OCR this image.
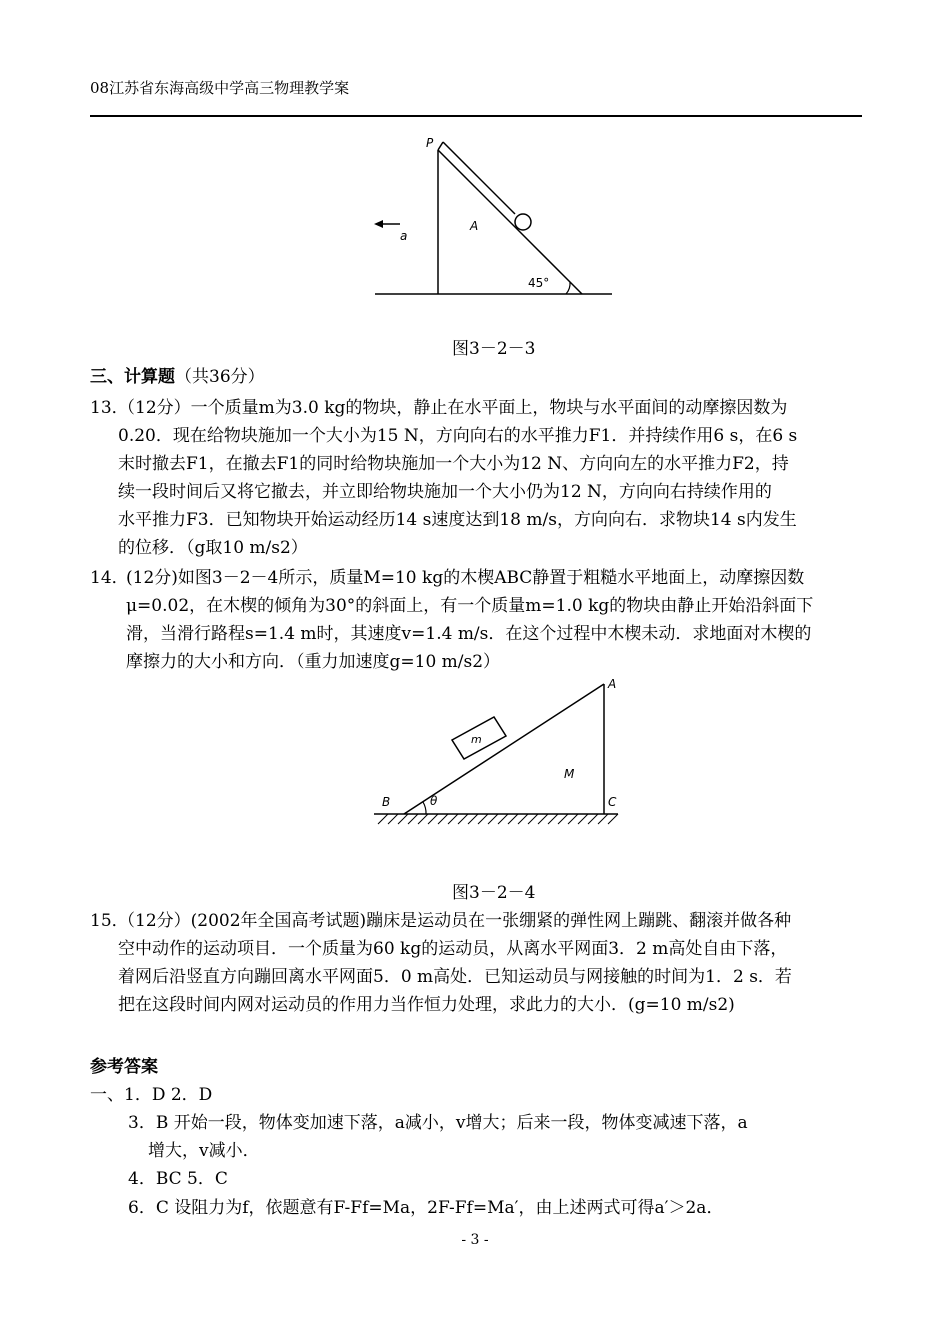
08江苏省东海高级中学高三物理教学案
P
a
A
45°
图3－2－3
三、计算题（共36分）
13．
（12分）一个质量m为3.0 kg的物块，静止在水平面上，物块与水平面间的动摩擦因数为
0.20．现在给物块施加一个大小为15 N，方向向右的水平推力F1．并持续作用6 s，在6 s
末时撤去F1，在撤去F1的同时给物块施加一个大小为12 N、方向向左的水平推力F2，持
续一段时间后又将它撤去，并立即给物块施加一个大小仍为12 N，方向向右持续作用的
水平推力F3．已知物块开始运动经历14 s速度达到18 m/s，方向向右．求物块14 s内发生
的位移．（g取10 m/s2）
14．
(12分)如图3－2－4所示，质量M=10 kg的木楔ABC静置于粗糙水平地面上，动摩擦因数
μ=0.02，在木楔的倾角为30°的斜面上，有一个质量m=1.0 kg的物块由静止开始沿斜面下
滑，当滑行路程s=1.4 m时，其速度v=1.4 m/s．在这个过程中木楔未动．求地面对木楔的
摩擦力的大小和方向．（重力加速度g=10 m/s2）
A
B	C
m
M
θ
图3－2－4
15．
（12分）(2002年全国高考试题)蹦床是运动员在一张绷紧的弹性网上蹦跳、翻滚并做各种
空中动作的运动项目．一个质量为60 kg的运动员，从离水平网面3．2 m高处自由下落，
着网后沿竖直方向蹦回离水平网面5．0 m高处．已知运动员与网接触的时间为1．2 s．若
把在这段时间内网对运动员的作用力当作恒力处理，求此力的大小．(g=10 m/s2)
参考答案
一、1．D 2．D
3．B 开始一段，物体变加速下落，a减小，v增大；后来一段，物体变减速下落，a
增大，v减小．
4．BC 5．C
6．C 设阻力为f，依题意有F-Ff=Ma，2F-Ff=Ma′，由上述两式可得a′＞2a．
- 3 -
